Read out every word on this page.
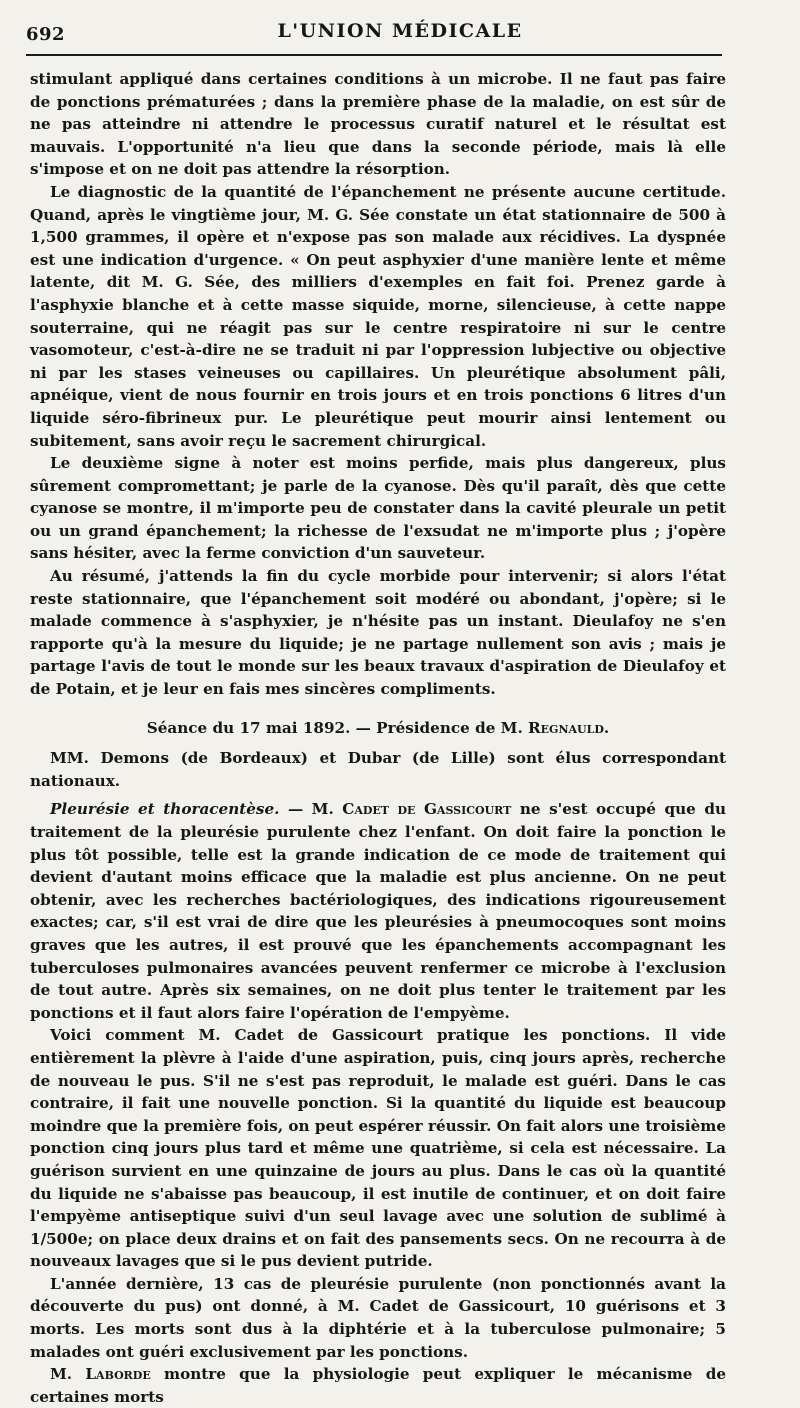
692	L'UNION MÉDICALE

stimulant appliqué dans certaines conditions à un microbe. Il ne faut pas faire de ponctions prématurées ; dans la première phase de la maladie, on est sûr de ne pas atteindre ni attendre le processus curatif naturel et le résultat est mauvais. L'opportunité n'a lieu que dans la seconde période, mais là elle s'impose et on ne doit pas attendre la résorption.

Le diagnostic de la quantité de l'épanchement ne présente aucune certitude. Quand, après le vingtième jour, M. G. Sée constate un état stationnaire de 500 à 1,500 grammes, il opère et n'expose pas son malade aux récidives. La dyspnée est une indication d'urgence. « On peut asphyxier d'une manière lente et même latente, dit M. G. Sée, des milliers d'exemples en fait foi. Prenez garde à l'asphyxie blanche et à cette masse siquide, morne, silencieuse, à cette nappe souterraine, qui ne réagit pas sur le centre respiratoire ni sur le centre vasomoteur, c'est-à-dire ne se traduit ni par l'oppression lubjective ou objective ni par les stases veineuses ou capillaires. Un pleurétique absolument pâli, apnéique, vient de nous fournir en trois jours et en trois ponctions 6 litres d'un liquide séro-fibrineux pur. Le pleurétique peut mourir ainsi lentement ou subitement, sans avoir reçu le sacrement chirurgical.

Le deuxième signe à noter est moins perfide, mais plus dangereux, plus sûrement compromettant; je parle de la cyanose. Dès qu'il paraît, dès que cette cyanose se montre, il m'importe peu de constater dans la cavité pleurale un petit ou un grand épanchement; la richesse de l'exsudat ne m'importe plus ; j'opère sans hésiter, avec la ferme conviction d'un sauveteur.

Au résumé, j'attends la fin du cycle morbide pour intervenir; si alors l'état reste stationnaire, que l'épanchement soit modéré ou abondant, j'opère; si le malade commence à s'asphyxier, je n'hésite pas un instant. Dieulafoy ne s'en rapporte qu'à la mesure du liquide; je ne partage nullement son avis ; mais je partage l'avis de tout le monde sur les beaux travaux d'aspiration de Dieulafoy et de Potain, et je leur en fais mes sincères compliments.

Séance du 17 mai 1892. — Présidence de M. Regnauld.

MM. Demons (de Bordeaux) et Dubar (de Lille) sont élus correspondant nationaux.

Pleurésie et thoracentèse. — M. Cadet de Gassicourt ne s'est occupé que du traitement de la pleurésie purulente chez l'enfant. On doit faire la ponction le plus tôt possible, telle est la grande indication de ce mode de traitement qui devient d'autant moins efficace que la maladie est plus ancienne. On ne peut obtenir, avec les recherches bactériologiques, des indications rigoureusement exactes; car, s'il est vrai de dire que les pleurésies à pneumocoques sont moins graves que les autres, il est prouvé que les épanchements accompagnant les tuberculoses pulmonaires avancées peuvent renfermer ce microbe à l'exclusion de tout autre. Après six semaines, on ne doit plus tenter le traitement par les ponctions et il faut alors faire l'opération de l'empyème.

Voici comment M. Cadet de Gassicourt pratique les ponctions. Il vide entièrement la plèvre à l'aide d'une aspiration, puis, cinq jours après, recherche de nouveau le pus. S'il ne s'est pas reproduit, le malade est guéri. Dans le cas contraire, il fait une nouvelle ponction. Si la quantité du liquide est beaucoup moindre que la première fois, on peut espérer réussir. On fait alors une troisième ponction cinq jours plus tard et même une quatrième, si cela est nécessaire. La guérison survient en une quinzaine de jours au plus. Dans le cas où la quantité du liquide ne s'abaisse pas beaucoup, il est inutile de continuer, et on doit faire l'empyème antiseptique suivi d'un seul lavage avec une solution de sublimé à 1/500e; on place deux drains et on fait des pansements secs. On ne recourra à de nouveaux lavages que si le pus devient putride.

L'année dernière, 13 cas de pleurésie purulente (non ponctionnés avant la découverte du pus) ont donné, à M. Cadet de Gassicourt, 10 guérisons et 3 morts. Les morts sont dus à la diphtérie et à la tuberculose pulmonaire; 5 malades ont guéri exclusivement par les ponctions.

M. Laborde montre que la physiologie peut expliquer le mécanisme de certaines morts
